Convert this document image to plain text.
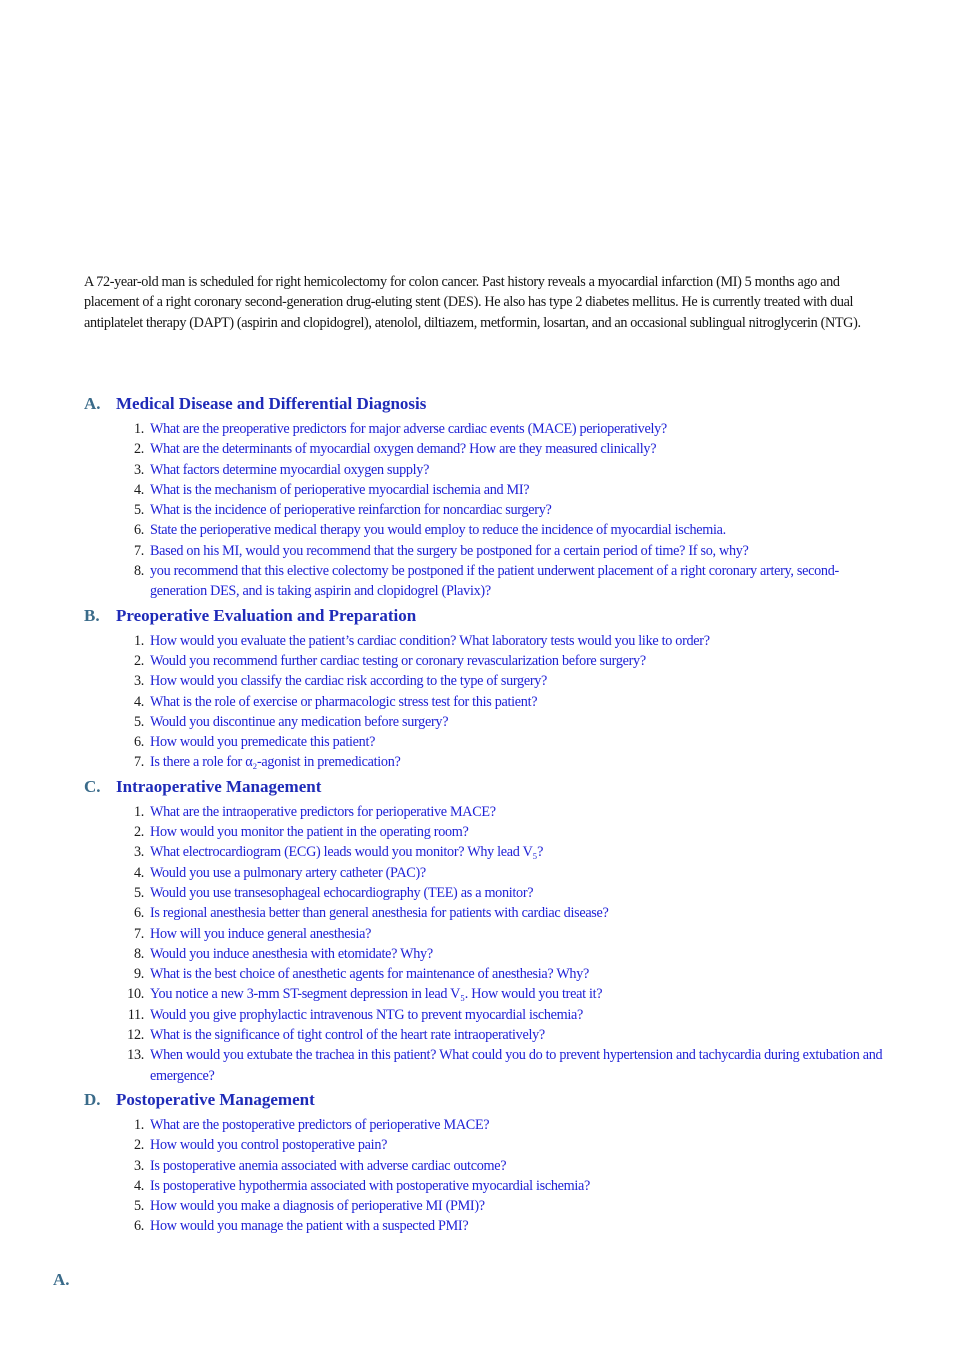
A 72-year-old man is scheduled for right hemicolectomy for colon cancer. Past history reveals a myocardial infarction (MI) 5 months ago and placement of a right coronary second-generation drug-eluting stent (DES). He also has type 2 diabetes mellitus. He is currently treated with dual antiplatelet therapy (DAPT) (aspirin and clopidogrel), atenolol, diltiazem, metformin, losartan, and an occasional sublingual nitroglycerin (NTG).

A. Medical Disease and Differential Diagnosis
1. What are the preoperative predictors for major adverse cardiac events (MACE) perioperatively?
2. What are the determinants of myocardial oxygen demand? How are they measured clinically?
3. What factors determine myocardial oxygen supply?
4. What is the mechanism of perioperative myocardial ischemia and MI?
5. What is the incidence of perioperative reinfarction for noncardiac surgery?
6. State the perioperative medical therapy you would employ to reduce the incidence of myocardial ischemia.
7. Based on his MI, would you recommend that the surgery be postponed for a certain period of time? If so, why?
8. you recommend that this elective colectomy be postponed if the patient underwent placement of a right coronary artery, second-generation DES, and is taking aspirin and clopidogrel (Plavix)?
B. Preoperative Evaluation and Preparation
1. How would you evaluate the patient’s cardiac condition? What laboratory tests would you like to order?
2. Would you recommend further cardiac testing or coronary revascularization before surgery?
3. How would you classify the cardiac risk according to the type of surgery?
4. What is the role of exercise or pharmacologic stress test for this patient?
5. Would you discontinue any medication before surgery?
6. How would you premedicate this patient?
7. Is there a role for α₂-agonist in premedication?
C. Intraoperative Management
1. What are the intraoperative predictors for perioperative MACE?
2. How would you monitor the patient in the operating room?
3. What electrocardiogram (ECG) leads would you monitor? Why lead V₅?
4. Would you use a pulmonary artery catheter (PAC)?
5. Would you use transesophageal echocardiography (TEE) as a monitor?
6. Is regional anesthesia better than general anesthesia for patients with cardiac disease?
7. How will you induce general anesthesia?
8. Would you induce anesthesia with etomidate? Why?
9. What is the best choice of anesthetic agents for maintenance of anesthesia? Why?
10. You notice a new 3-mm ST-segment depression in lead V₅. How would you treat it?
11. Would you give prophylactic intravenous NTG to prevent myocardial ischemia?
12. What is the significance of tight control of the heart rate intraoperatively?
13. When would you extubate the trachea in this patient? What could you do to prevent hypertension and tachycardia during extubation and emergence?
D. Postoperative Management
1. What are the postoperative predictors of perioperative MACE?
2. How would you control postoperative pain?
3. Is postoperative anemia associated with adverse cardiac outcome?
4. Is postoperative hypothermia associated with postoperative myocardial ischemia?
5. How would you make a diagnosis of perioperative MI (PMI)?
6. How would you manage the patient with a suspected PMI?
A.
